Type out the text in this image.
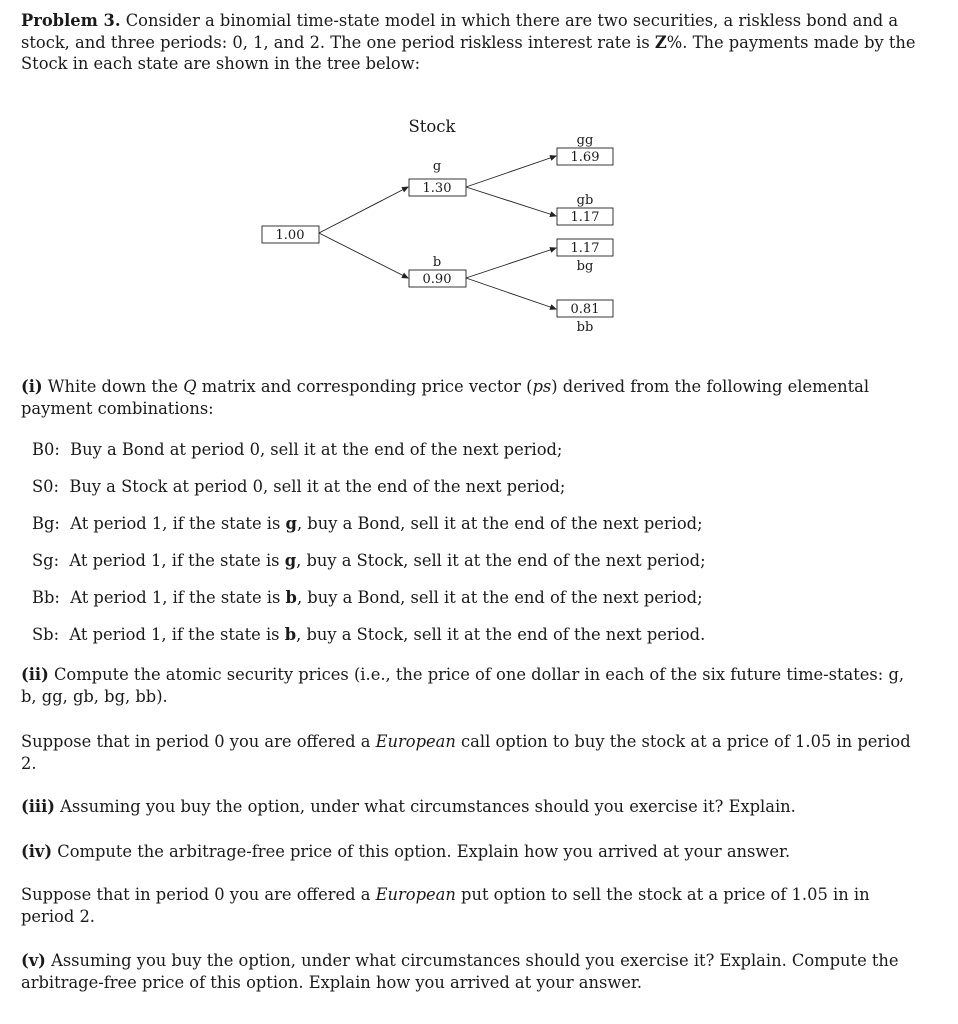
Problem 3. Consider a binomial time-state model in which there are two securities, a riskless bond and a stock, and three periods: 0, 1, and 2. The one period riskless interest rate is Z%. The payments made by the Stock in each state are shown in the tree below:

Stock
1.00
g
1.30
b
0.90
gg
1.69
gb
1.17
1.17
bg
0.81
bb

(i) White down the Q matrix and corresponding price vector (ps) derived from the following elemental payment combinations:

B0: Buy a Bond at period 0, sell it at the end of the next period;
S0: Buy a Stock at period 0, sell it at the end of the next period;
Bg: At period 1, if the state is g, buy a Bond, sell it at the end of the next period;
Sg: At period 1, if the state is g, buy a Stock, sell it at the end of the next period;
Bb: At period 1, if the state is b, buy a Bond, sell it at the end of the next period;
Sb: At period 1, if the state is b, buy a Stock, sell it at the end of the next period.

(ii) Compute the atomic security prices (i.e., the price of one dollar in each of the six future time-states: g, b, gg, gb, bg, bb).

Suppose that in period 0 you are offered a European call option to buy the stock at a price of 1.05 in period 2.

(iii) Assuming you buy the option, under what circumstances should you exercise it? Explain.

(iv) Compute the arbitrage-free price of this option. Explain how you arrived at your answer.

Suppose that in period 0 you are offered a European put option to sell the stock at a price of 1.05 in in period 2.

(v) Assuming you buy the option, under what circumstances should you exercise it? Explain. Compute the arbitrage-free price of this option. Explain how you arrived at your answer.
